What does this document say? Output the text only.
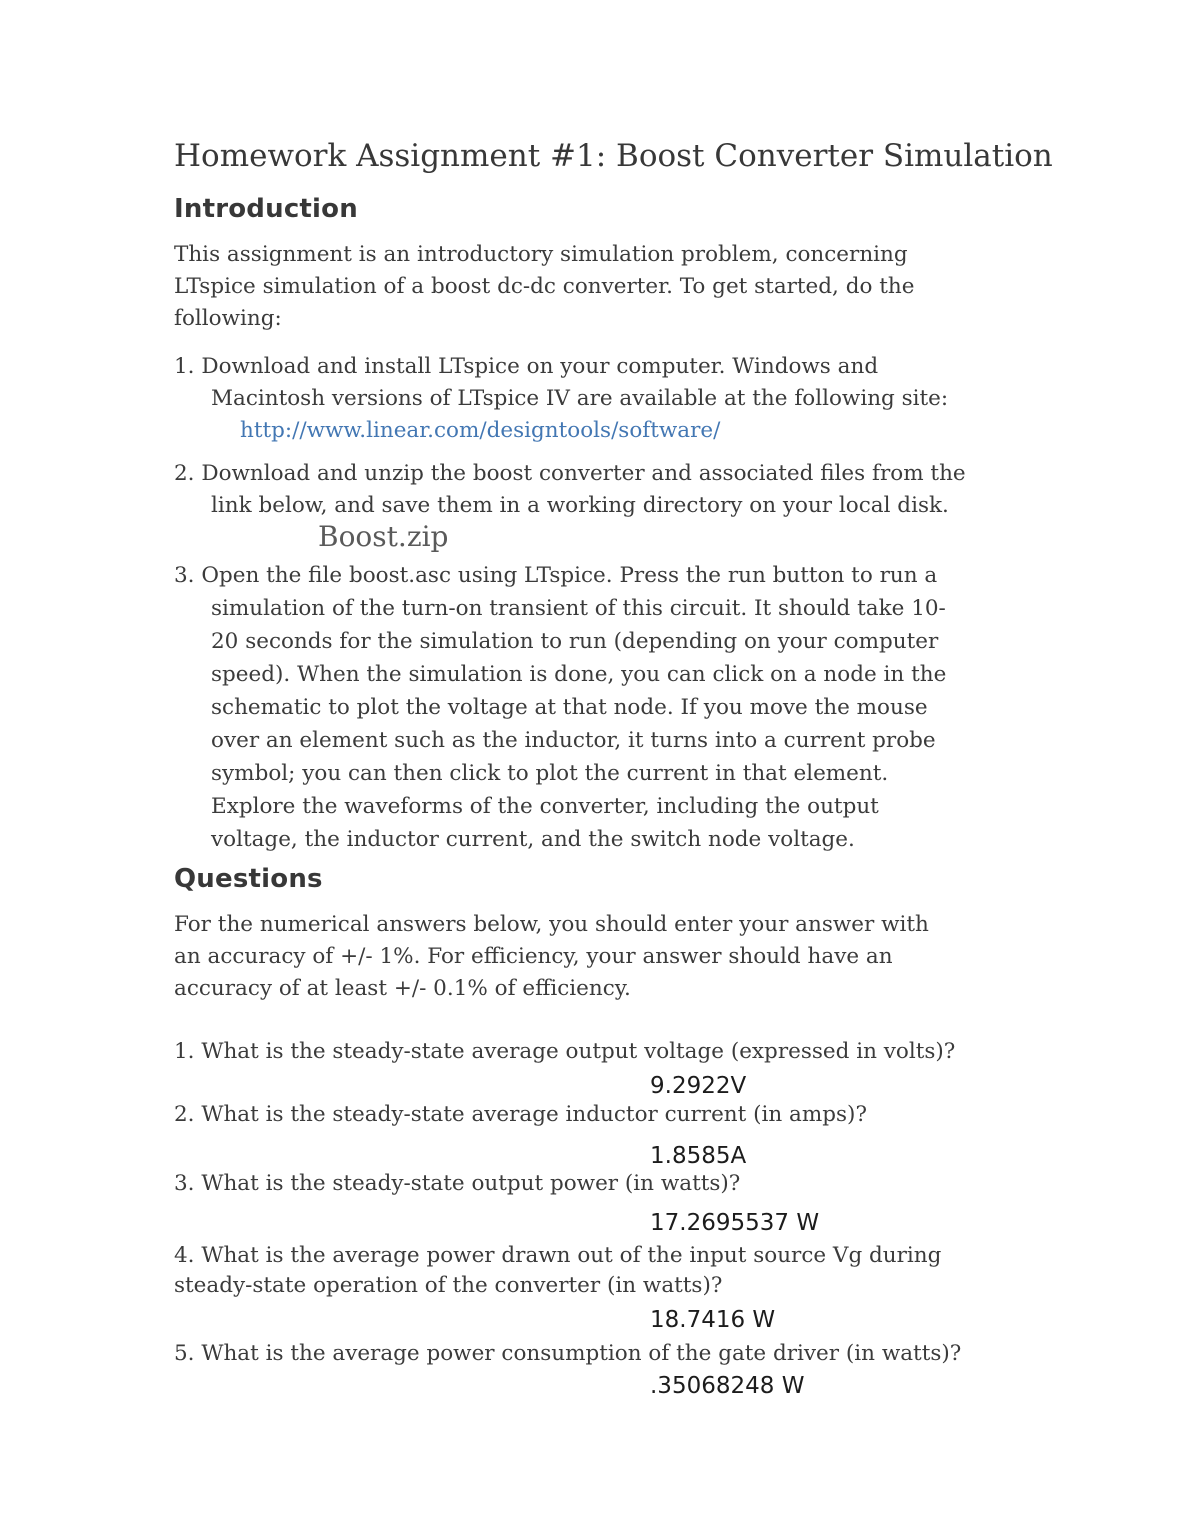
Homework Assignment #1: Boost Converter Simulation
Introduction
This assignment is an introductory simulation problem, concerning
LTspice simulation of a boost dc-dc converter. To get started, do the
following:
1. Download and install LTspice on your computer. Windows and
Macintosh versions of LTspice IV are available at the following site:
http://www.linear.com/designtools/software/
2. Download and unzip the boost converter and associated files from the
link below, and save them in a working directory on your local disk.
Boost.zip
3. Open the file boost.asc using LTspice. Press the run button to run a
simulation of the turn-on transient of this circuit. It should take 10-
20 seconds for the simulation to run (depending on your computer
speed). When the simulation is done, you can click on a node in the
schematic to plot the voltage at that node. If you move the mouse
over an element such as the inductor, it turns into a current probe
symbol; you can then click to plot the current in that element.
Explore the waveforms of the converter, including the output
voltage, the inductor current, and the switch node voltage.
Questions
For the numerical answers below, you should enter your answer with
an accuracy of +/- 1%. For efficiency, your answer should have an
accuracy of at least +/- 0.1% of efficiency.
1. What is the steady-state average output voltage (expressed in volts)?
9.2922V
2. What is the steady-state average inductor current (in amps)?
1.8585A
3. What is the steady-state output power (in watts)?
17.2695537 W
4. What is the average power drawn out of the input source Vg during
steady-state operation of the converter (in watts)?
18.7416 W
5. What is the average power consumption of the gate driver (in watts)?
.35068248 W
